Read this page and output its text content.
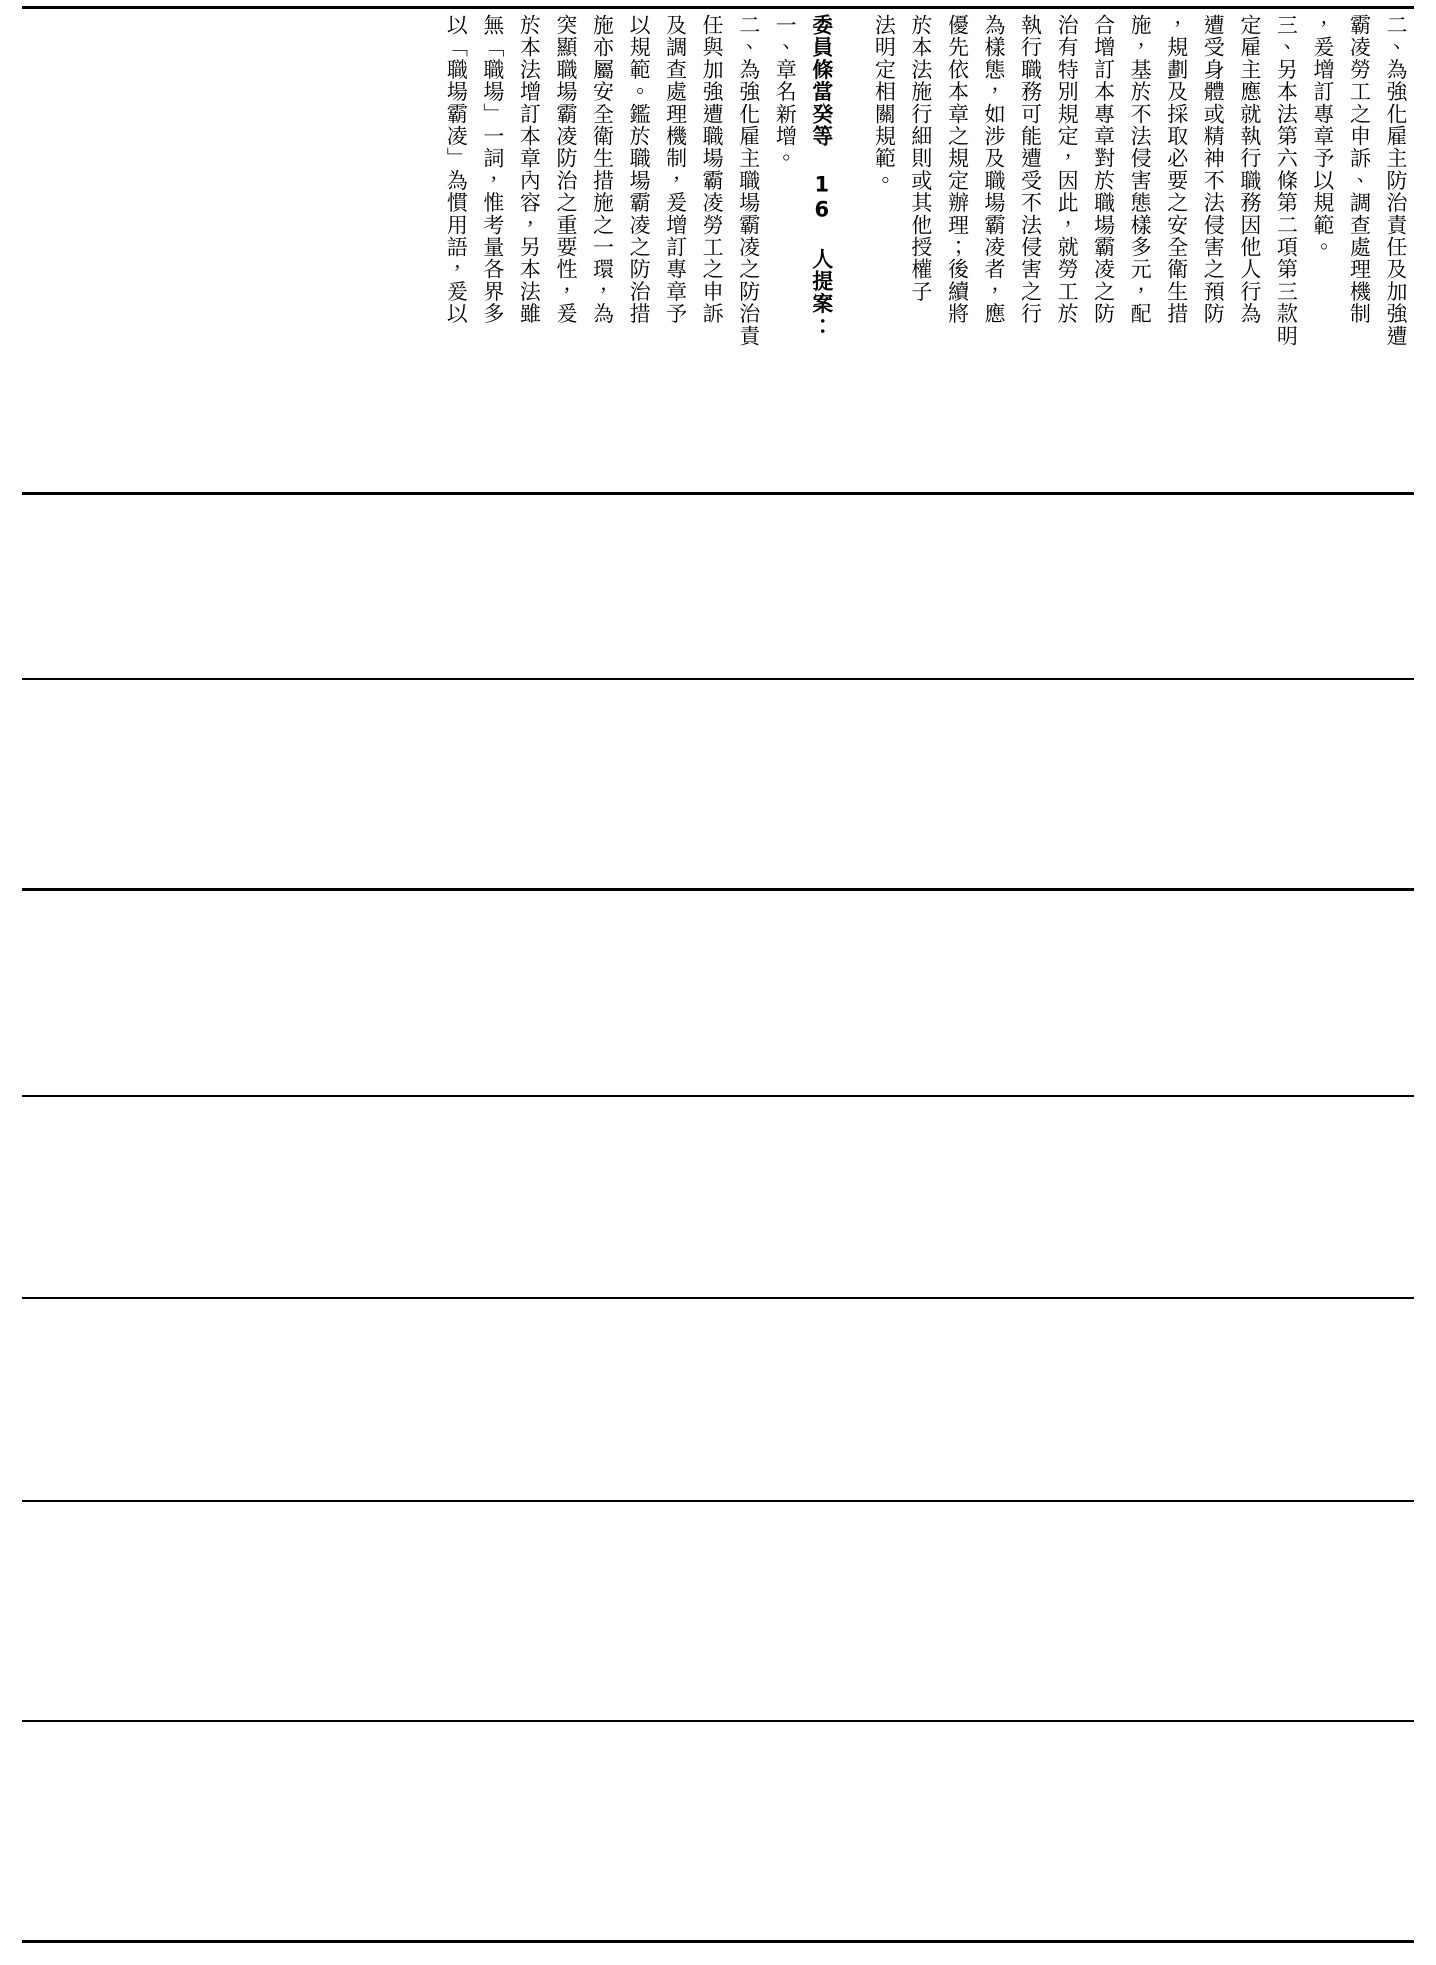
二、為強化雇主防治責任及加強遭
霸凌勞工之申訴、調查處理機制
，爰增訂專章予以規範。
三、另本法第六條第二項第三款明
定雇主應就執行職務因他人行為
遭受身體或精神不法侵害之預防
，規劃及採取必要之安全衛生措
施，基於不法侵害態樣多元，配
合增訂本專章對於職場霸凌之防
治有特別規定，因此，就勞工於
執行職務可能遭受不法侵害之行
為樣態，如涉及職場霸凌者，應
優先依本章之規定辦理；後續將
於本法施行細則或其他授權子
法明定相關規範。
委員條當癸等 16 人提案：
一、章名新增。
二、為強化雇主職場霸凌之防治責
任與加強遭職場霸凌勞工之申訴
及調查處理機制，爰增訂專章予
以規範。鑑於職場霸凌之防治措
施亦屬安全衛生措施之一環，為
突顯職場霸凌防治之重要性，爰
於本法增訂本章內容，另本法雖
無「職場」一詞，惟考量各界多
以「職場霸凌」為慣用語，爰以
